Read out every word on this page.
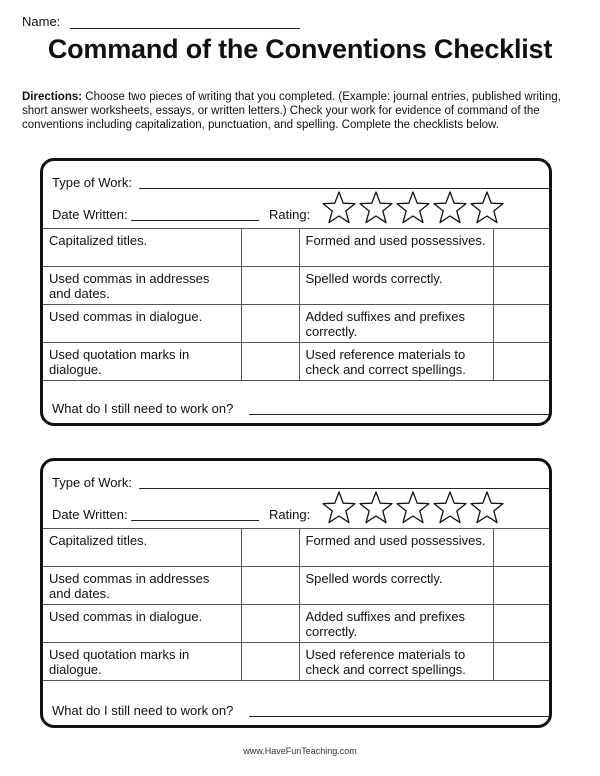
Name:
Command of the Conventions Checklist

Directions: Choose two pieces of writing that you completed. (Example: journal entries, published writing, short answer worksheets, essays, or written letters.) Check your work for evidence of command of the conventions including capitalization, punctuation, and spelling. Complete the checklists below.

Type of Work:
Date Written:	Rating:
Capitalized titles.		Formed and used possessives.	
Used commas in addresses and dates.		Spelled words correctly.	
Used commas in dialogue.		Added suffixes and prefixes correctly.	
Used quotation marks in dialogue.		Used reference materials to check and correct spellings.	
What do I still need to work on?
Type of Work:
Date Written:	Rating:
Capitalized titles.		Formed and used possessives.	
Used commas in addresses and dates.		Spelled words correctly.	
Used commas in dialogue.		Added suffixes and prefixes correctly.	
Used quotation marks in dialogue.		Used reference materials to check and correct spellings.	
What do I still need to work on?
www.HaveFunTeaching.com
